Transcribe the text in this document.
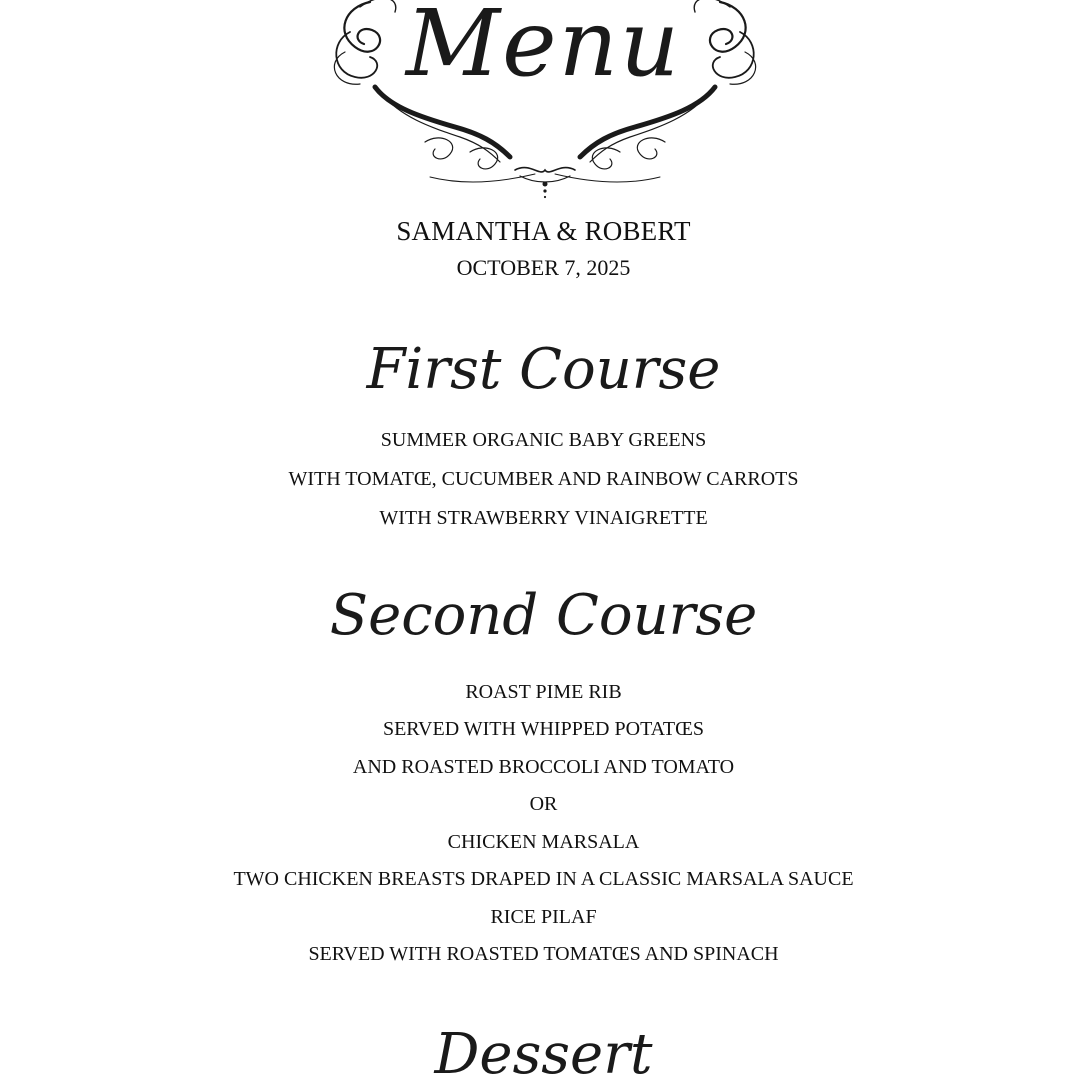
Menu
SAMANTHA & ROBERT
OCTOBER 7, 2025
First Course
SUMMER ORGANIC BABY GREENS
WITH TOMATŒ, CUCUMBER AND RAINBOW CARROTS
WITH STRAWBERRY VINAIGRETTE
Second Course
ROAST PIME RIB
SERVED WITH WHIPPED POTATŒS
AND ROASTED BROCCOLI AND TOMATO
OR
CHICKEN MARSALA
TWO CHICKEN BREASTS DRAPED IN A CLASSIC MARSALA SAUCE
RICE PILAF
SERVED WITH ROASTED TOMATŒS AND SPINACH
Dessert
